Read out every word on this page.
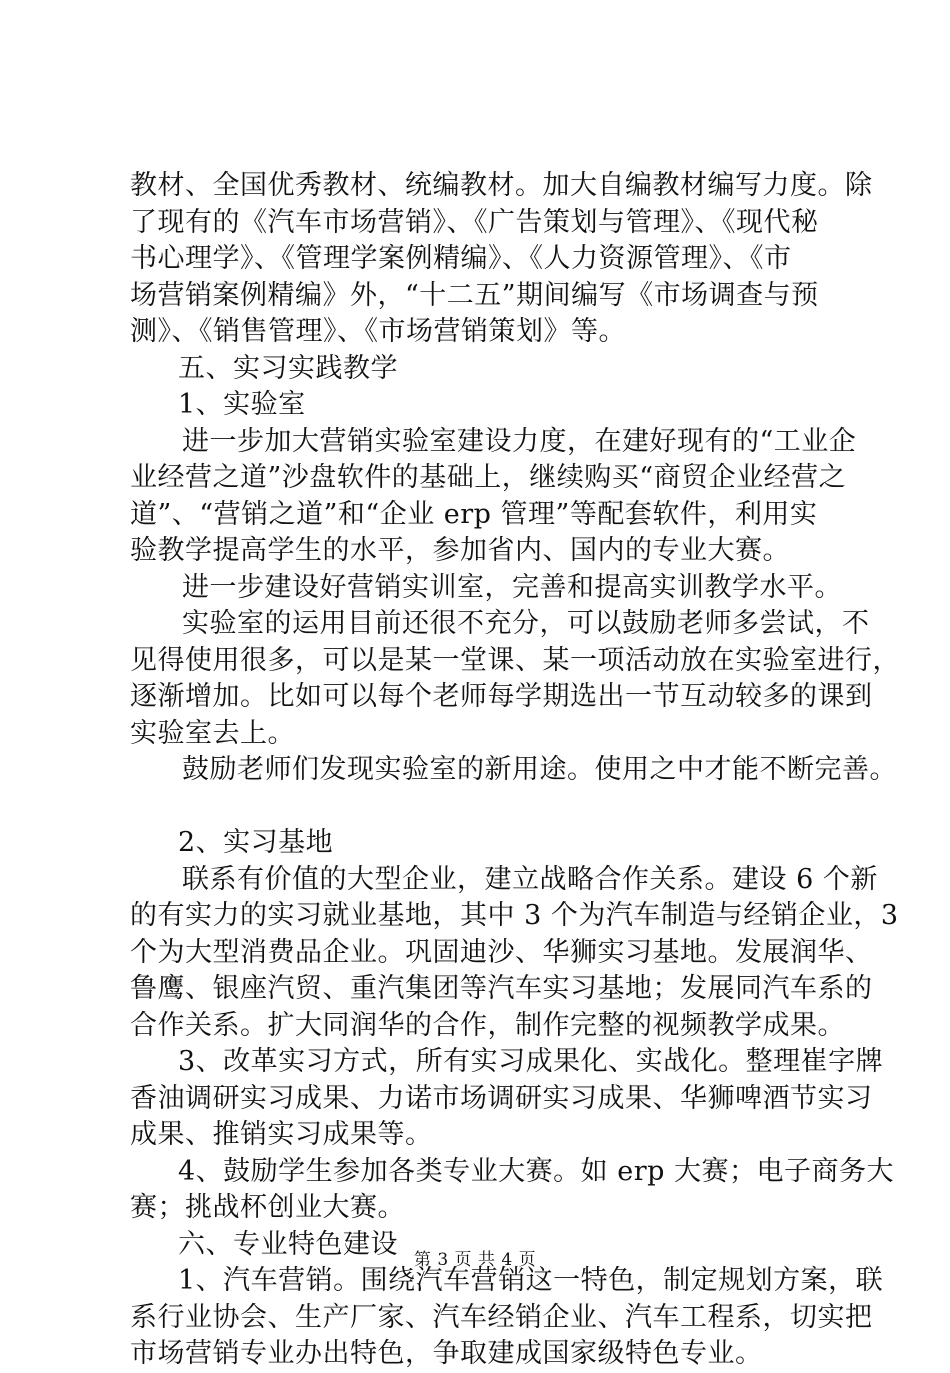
教材、全国优秀教材、统编教材。加大自编教材编写力度。除
了现有的《汽车市场营销》、《广告策划与管理》、《现代秘
书心理学》、《管理学案例精编》、《人力资源管理》、《市
场营销案例精编》外，“十二五”期间编写《市场调查与预
测》、《销售管理》、《市场营销策划》等。
五、实习实践教学
1、实验室
进一步加大营销实验室建设力度，在建好现有的“工业企
业经营之道”沙盘软件的基础上，继续购买“商贸企业经营之
道”、“营销之道”和“企业 erp 管理”等配套软件，利用实
验教学提高学生的水平，参加省内、国内的专业大赛。
进一步建设好营销实训室，完善和提高实训教学水平。
实验室的运用目前还很不充分，可以鼓励老师多尝试，不
见得使用很多，可以是某一堂课、某一项活动放在实验室进行，
逐渐增加。比如可以每个老师每学期选出一节互动较多的课到
实验室去上。
鼓励老师们发现实验室的新用途。使用之中才能不断完善。
2、实习基地
联系有价值的大型企业，建立战略合作关系。建设 6 个新
的有实力的实习就业基地，其中 3 个为汽车制造与经销企业，3
个为大型消费品企业。巩固迪沙、华狮实习基地。发展润华、
鲁鹰、银座汽贸、重汽集团等汽车实习基地；发展同汽车系的
合作关系。扩大同润华的合作，制作完整的视频教学成果。
3、改革实习方式，所有实习成果化、实战化。整理崔字牌
香油调研实习成果、力诺市场调研实习成果、华狮啤酒节实习
成果、推销实习成果等。
4、鼓励学生参加各类专业大赛。如 erp 大赛；电子商务大
赛；挑战杯创业大赛。
六、专业特色建设
1、汽车营销。围绕汽车营销这一特色，制定规划方案，联
系行业协会、生产厂家、汽车经销企业、汽车工程系，切实把
市场营销专业办出特色，争取建成国家级特色专业。
第 3 页 共 4 页
